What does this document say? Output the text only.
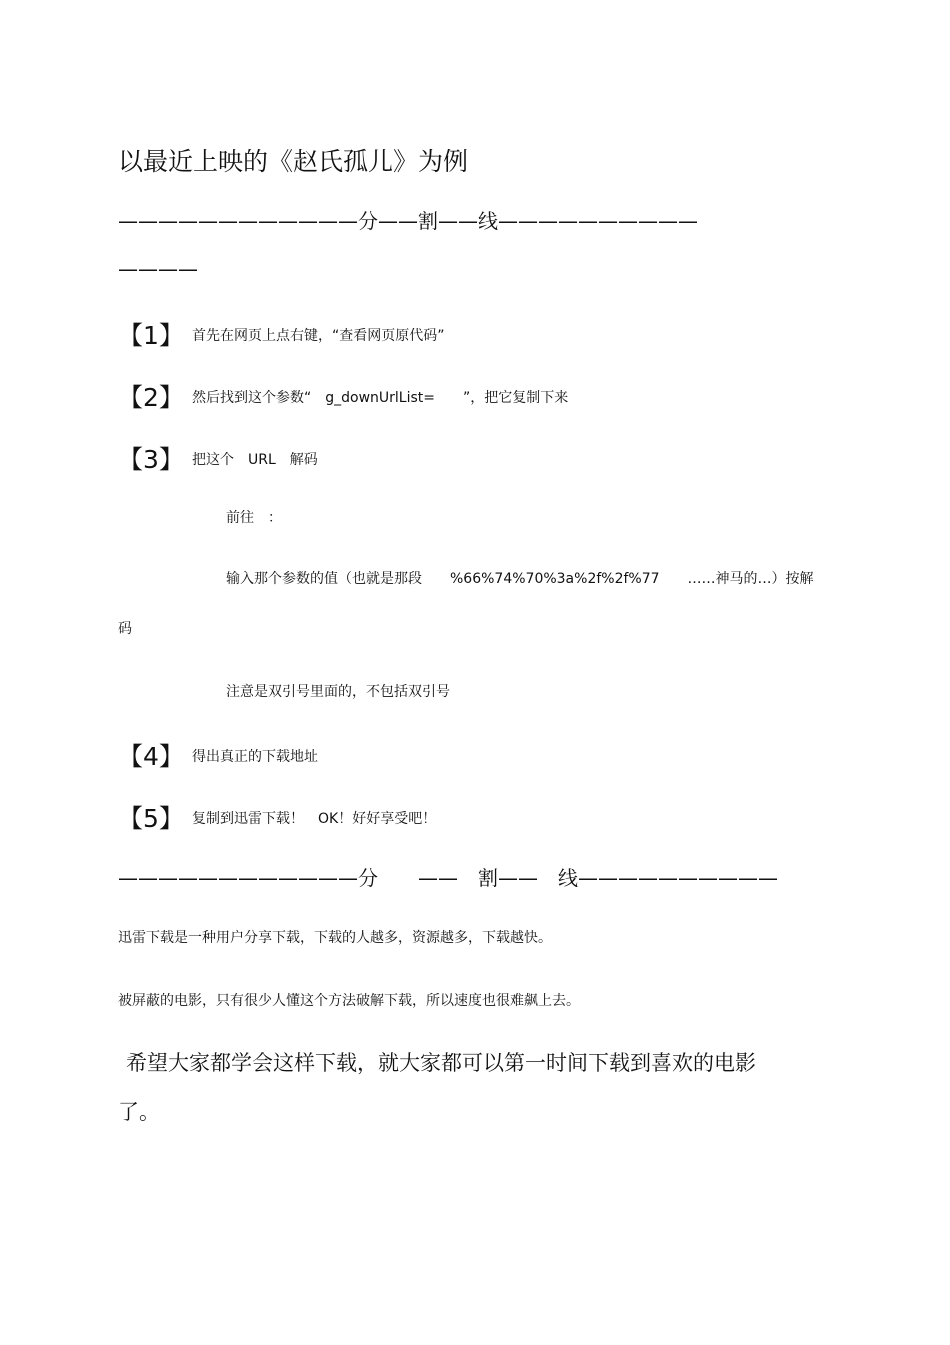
以最近上映的《赵氏孤儿》为例
————————————分——割——线——————————
————
【1】 首先在网页上点右键，“查看网页原代码”
【2】 然后找到这个参数“　g_downUrlList=　　”，把它复制下来
【3】 把这个　URL　解码
前往　：
输入那个参数的值（也就是那段　　%66%74%70%3a%2f%2f%77　　……神马的…）按解
码
注意是双引号里面的，不包括双引号
【4】 得出真正的下载地址
【5】 复制到迅雷下载！　OK！好好享受吧！
————————————分　　——　割——　线——————————
迅雷下载是一种用户分享下载，下载的人越多，资源越多，下载越快。
被屏蔽的电影，只有很少人懂这个方法破解下载，所以速度也很难飙上去。
希望大家都学会这样下载，就大家都可以第一时间下载到喜欢的电影
了。
